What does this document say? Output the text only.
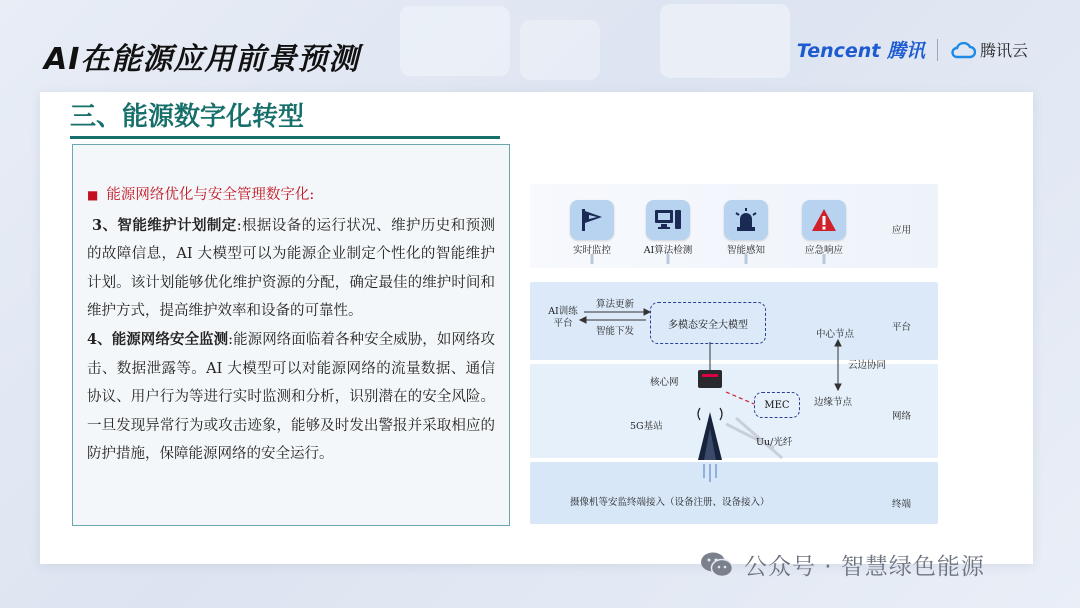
AI在能源应用前景预测	Tencent 腾讯	腾讯云
三、能源数字化转型
■ 能源网络优化与安全管理数字化:

3、智能维护计划制定:根据设备的运行状况、维护历史和预测的故障信息，AI 大模型可以为能源企业制定个性化的智能维护计划。该计划能够优化维护资源的分配，确定最佳的维护时间和维护方式，提高维护效率和设备的可靠性。

4、能源网络安全监测:能源网络面临着各种安全威胁，如网络攻击、数据泄露等。AI 大模型可以对能源网络的流量数据、通信协议、用户行为等进行实时监测和分析，识别潜在的安全风险。一旦发现异常行为或攻击迹象，能够及时发出警报并采取相应的防护措施，保障能源网络的安全运行。

实时监控	AI算法检测	智能感知	应急响应
应用
平台
网络
终端
AI训练平台
算法更新
智能下发
多模态安全大模型
中心节点
云边协同
核心网
MEC	边缘节点
5G基站
Uu/光纤
摄像机等安监终端接入（设备注册、设备接入）
公众号 · 智慧绿色能源
